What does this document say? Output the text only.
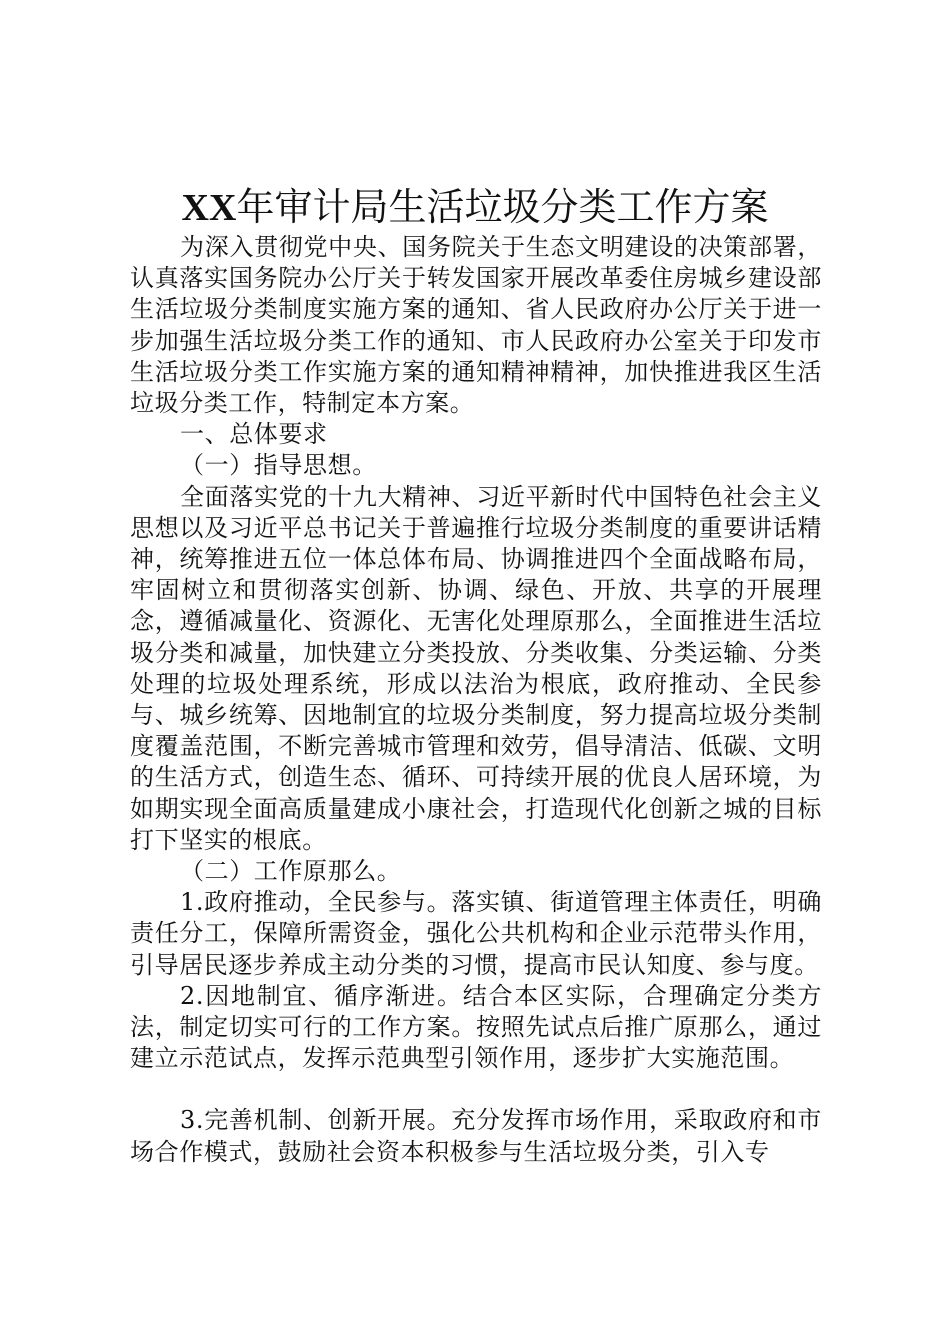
XX年审计局生活垃圾分类工作方案

为深入贯彻党中央、国务院关于生态文明建设的决策部署，认真落实国务院办公厅关于转发国家开展改革委住房城乡建设部生活垃圾分类制度实施方案的通知、省人民政府办公厅关于进一步加强生活垃圾分类工作的通知、市人民政府办公室关于印发市生活垃圾分类工作实施方案的通知精神精神，加快推进我区生活垃圾分类工作，特制定本方案。

一、总体要求

（一）指导思想。

全面落实党的十九大精神、习近平新时代中国特色社会主义思想以及习近平总书记关于普遍推行垃圾分类制度的重要讲话精神，统筹推进五位一体总体布局、协调推进四个全面战略布局，牢固树立和贯彻落实创新、协调、绿色、开放、共享的开展理念，遵循减量化、资源化、无害化处理原那么，全面推进生活垃圾分类和减量，加快建立分类投放、分类收集、分类运输、分类处理的垃圾处理系统，形成以法治为根底，政府推动、全民参与、城乡统筹、因地制宜的垃圾分类制度，努力提高垃圾分类制度覆盖范围，不断完善城市管理和效劳，倡导清洁、低碳、文明的生活方式，创造生态、循环、可持续开展的优良人居环境，为如期实现全面高质量建成小康社会，打造现代化创新之城的目标打下坚实的根底。

（二）工作原那么。

1.政府推动，全民参与。落实镇、街道管理主体责任，明确责任分工，保障所需资金，强化公共机构和企业示范带头作用，引导居民逐步养成主动分类的习惯，提高市民认知度、参与度。

2.因地制宜、循序渐进。结合本区实际，合理确定分类方法，制定切实可行的工作方案。按照先试点后推广原那么，通过建立示范试点，发挥示范典型引领作用，逐步扩大实施范围。

3.完善机制、创新开展。充分发挥市场作用，采取政府和市场合作模式，鼓励社会资本积极参与生活垃圾分类，引入专
